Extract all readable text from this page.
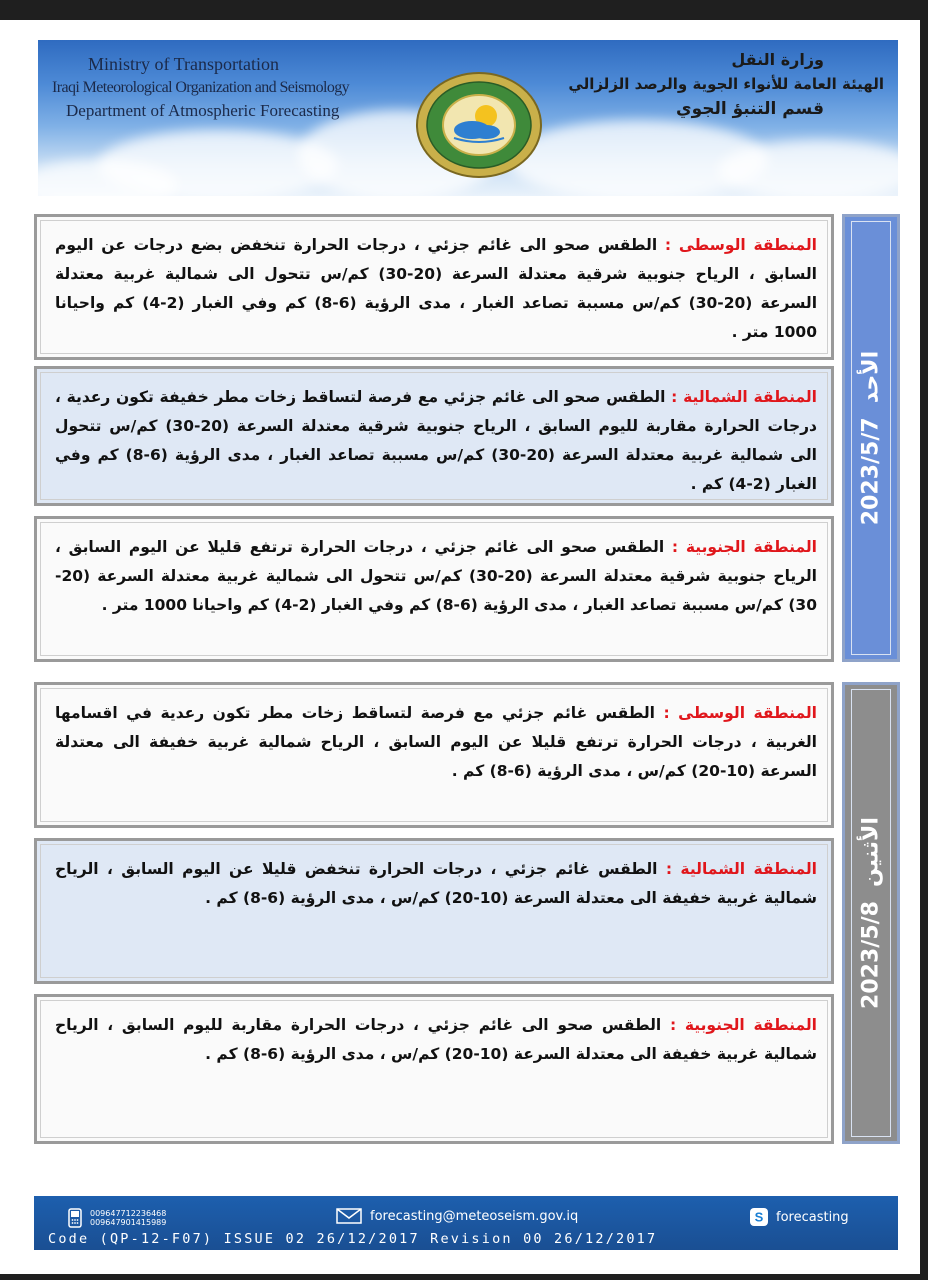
Ministry of Transportation
Iraqi Meteorological Organization and Seismology
Department of Atmospheric Forecasting
وزارة النقل
الهيئة العامة للأنواء الجوية والرصد الزلزالي
قسم التنبؤ الجوي
المنطقة الوسطى : الطقس صحو الى غائم جزئي ، درجات الحرارة تنخفض بضع درجات عن اليوم السابق ، الرياح جنوبية شرقية معتدلة السرعة (20-30) كم/س تتحول الى شمالية غربية معتدلة السرعة (20-30) كم/س مسببة تصاعد الغبار ، مدى الرؤية (6-8) كم وفي الغبار (2-4) كم واحيانا 1000 متر .
المنطقة الشمالية : الطقس صحو الى غائم جزئي مع فرصة لتساقط زخات مطر خفيفة تكون رعدية ، درجات الحرارة مقاربة لليوم السابق ، الرياح جنوبية شرقية معتدلة السرعة (20-30) كم/س تتحول الى شمالية غربية معتدلة السرعة (20-30) كم/س مسببة تصاعد الغبار ، مدى الرؤية (6-8) كم وفي الغبار (2-4) كم .
المنطقة الجنوبية : الطقس صحو الى غائم جزئي ، درجات الحرارة ترتفع قليلا عن اليوم السابق ، الرياح جنوبية شرقية معتدلة السرعة (20-30) كم/س تتحول الى شمالية غربية معتدلة السرعة (20-30) كم/س مسببة تصاعد الغبار ، مدى الرؤية (6-8) كم وفي الغبار (2-4) كم واحيانا 1000 متر .
الأحد
2023/5/7
المنطقة الوسطى : الطقس غائم جزئي مع فرصة لتساقط زخات مطر تكون رعدية في اقسامها الغربية ، درجات الحرارة ترتفع قليلا عن اليوم السابق ، الرياح شمالية غربية خفيفة الى معتدلة السرعة (10-20) كم/س ، مدى الرؤية (6-8) كم .
المنطقة الشمالية : الطقس غائم جزئي ، درجات الحرارة تنخفض قليلا عن اليوم السابق ، الرياح شمالية غربية خفيفة الى معتدلة السرعة (10-20) كم/س ، مدى الرؤية (6-8) كم .
المنطقة الجنوبية : الطقس صحو الى غائم جزئي ، درجات الحرارة مقاربة لليوم السابق ، الرياح شمالية غربية خفيفة الى معتدلة السرعة (10-20) كم/س ، مدى الرؤية (6-8) كم .
الأثنين
2023/5/8
009647712236468
009647901415989	forecasting@meteoseism.gov.iq	S forecasting
Code (QP-12-F07) ISSUE 02 26/12/2017 Revision 00 26/12/2017
